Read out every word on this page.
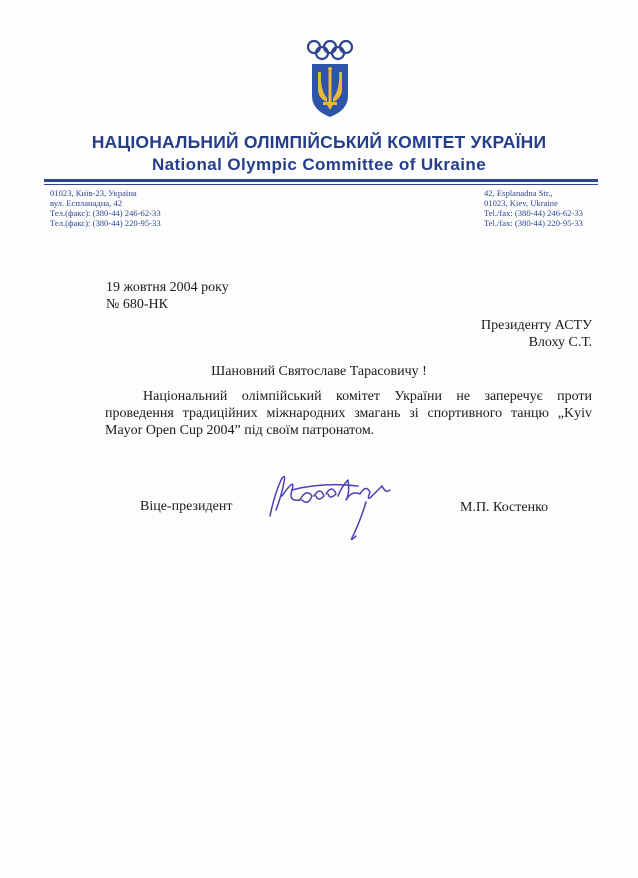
НАЦІОНАЛЬНИЙ ОЛІМПІЙСЬКИЙ КОМІТЕТ УКРАЇНИ
National Olympic Committee of Ukraine
01023, Київ-23, Україна
вул. Еспланадна, 42
Тел.(факс): (380-44) 246-62-33
Тел.(факс): (380-44) 220-95-33
42, Esplanadna Str.,
01023, Kiev, Ukraine
Tel./fax: (380-44) 246-62-33
Tel./fax: (380-44) 220-95-33
19 жовтня 2004 року
№ 680-НК
Президенту АСТУ
Влоху С.Т.
Шановний Святославе Тарасовичу !
Національний олімпійський комітет України не заперечує проти проведення традиційних міжнародних змагань зі спортивного танцю „Kyiv Mayor Open Cup 2004” під своїм патронатом.
Віце-президент	М.П. Костенко
